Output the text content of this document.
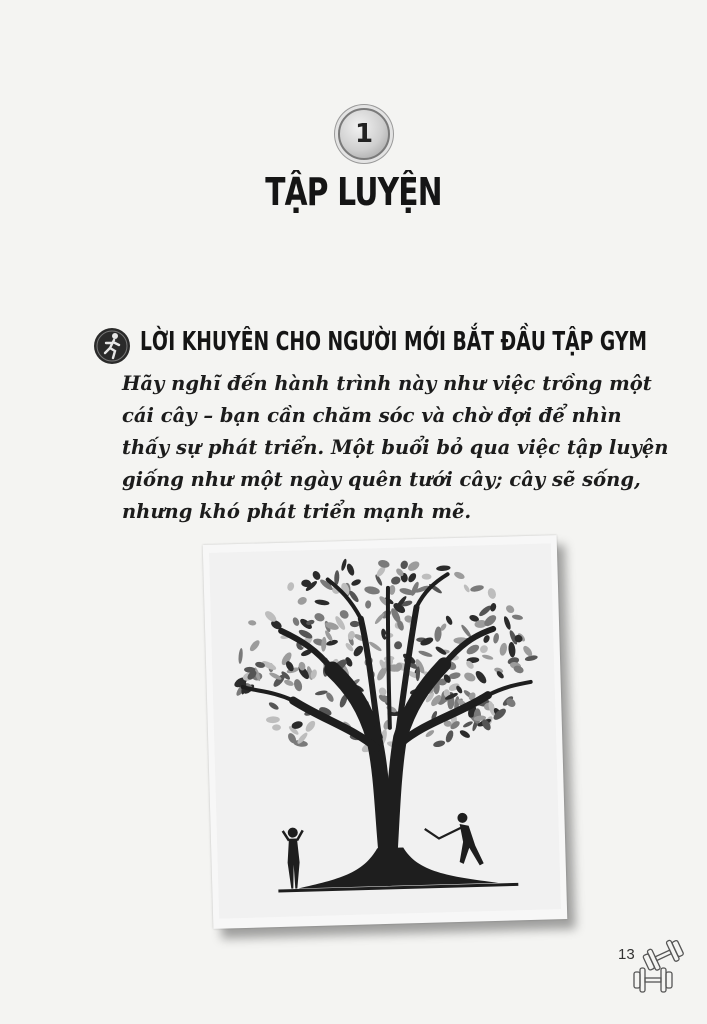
1
TẬP LUYỆN
LỜI KHUYÊN CHO NGƯỜI MỚI BẮT ĐẦU TẬP GYM
Hãy nghĩ đến hành trình này như việc trồng một
cái cây – bạn cần chăm sóc và chờ đợi để nhìn
thấy sự phát triển. Một buổi bỏ qua việc tập luyện
giống như một ngày quên tưới cây; cây sẽ sống,
nhưng khó phát triển mạnh mẽ.
13
